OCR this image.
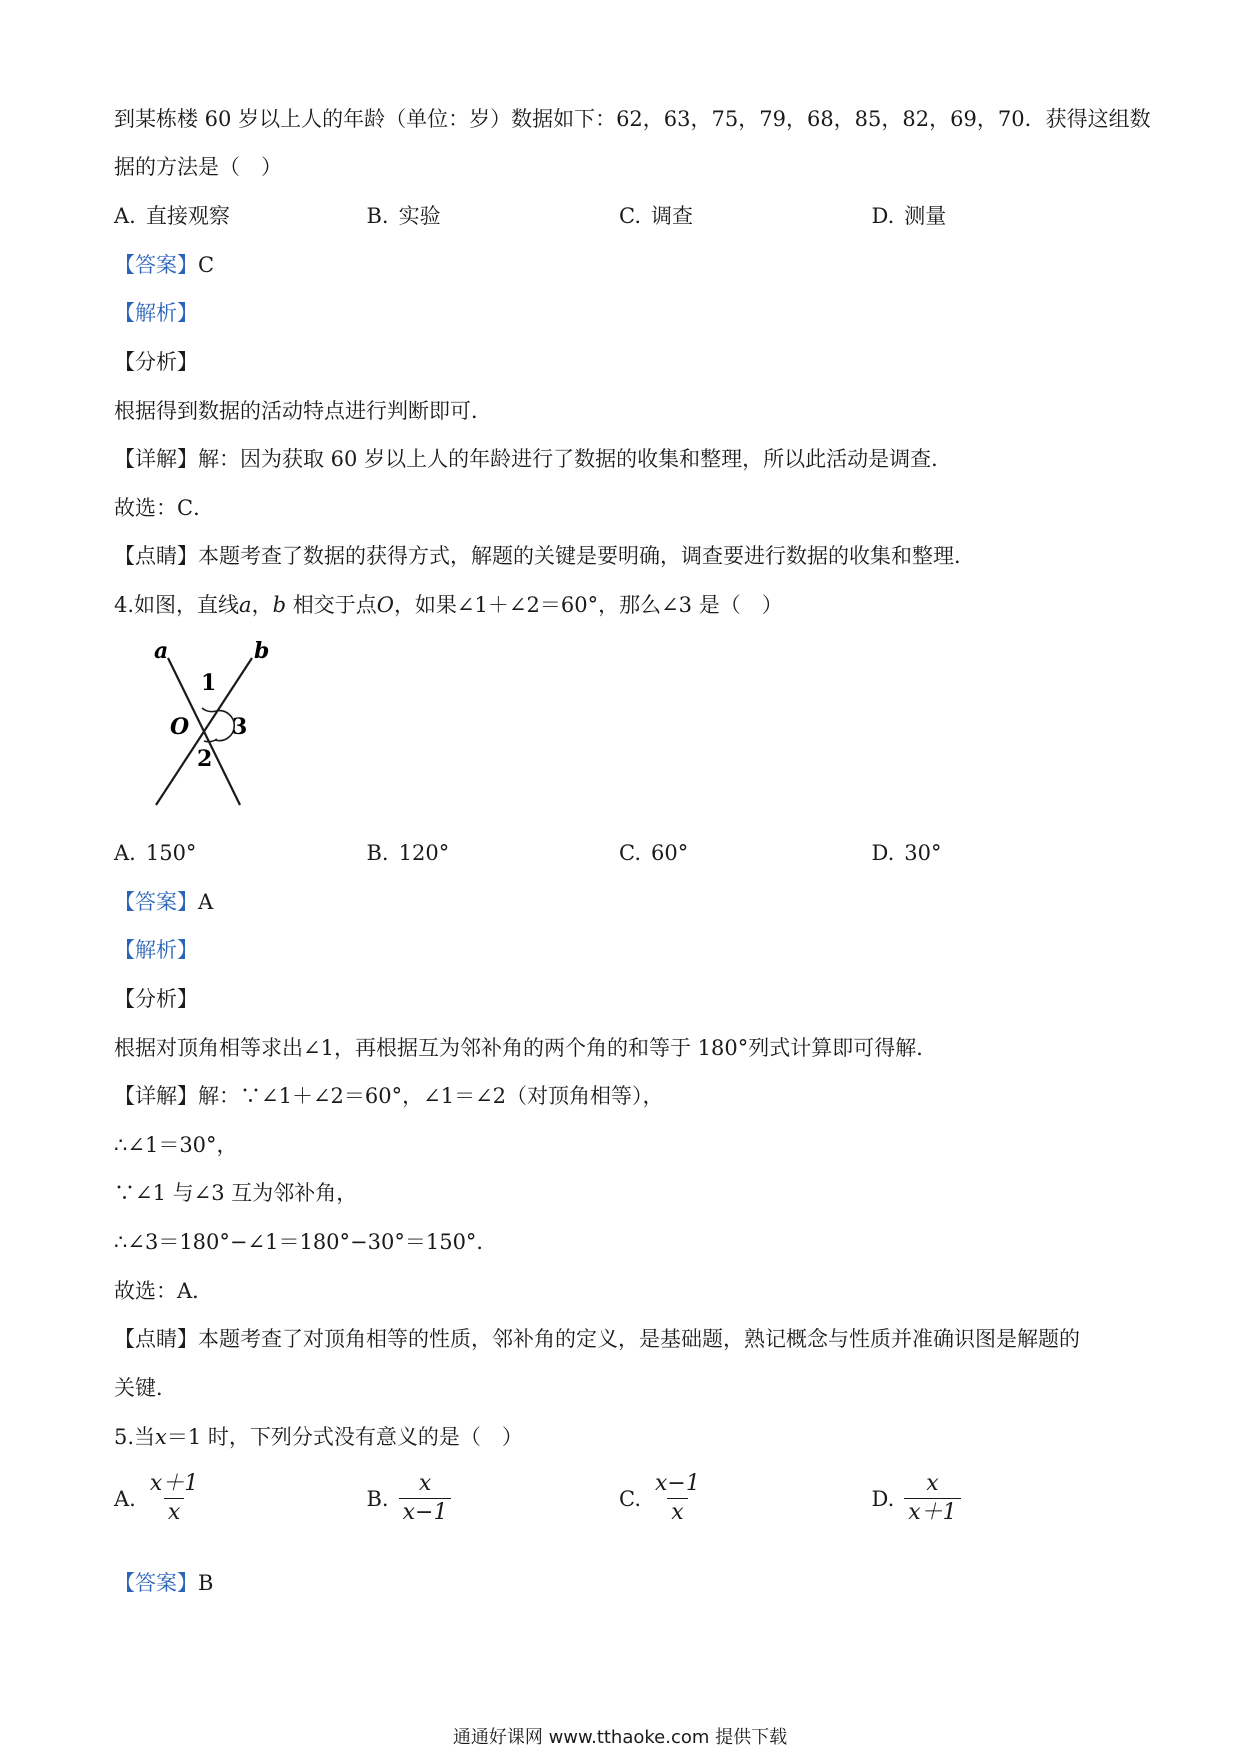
到某栋楼 60 岁以上人的年龄（单位：岁）数据如下：62，63，75，79，68，85，82，69，70．获得这组数
据的方法是（　）
A. 直接观察	B. 实验	C. 调查	D. 测量
【答案】C
【解析】
【分析】
根据得到数据的活动特点进行判断即可．
【详解】解：因为获取 60 岁以上人的年龄进行了数据的收集和整理，所以此活动是调查．
故选：C．
【点睛】本题考查了数据的获得方式，解题的关键是要明确，调查要进行数据的收集和整理．
4.如图，直线a，b 相交于点O，如果∠1＋∠2＝60°，那么∠3 是（　）
a	b
O
1
2
3
A. 150°	B. 120°	C. 60°	D. 30°
【答案】A
【解析】
【分析】
根据对顶角相等求出∠1，再根据互为邻补角的两个角的和等于 180°列式计算即可得解．
【详解】解：∵∠1＋∠2＝60°，∠1＝∠2（对顶角相等），
∴∠1＝30°，
∵∠1 与∠3 互为邻补角，
∴∠3＝180°−∠1＝180°−30°＝150°．
故选：A．
【点睛】本题考查了对顶角相等的性质，邻补角的定义，是基础题，熟记概念与性质并准确识图是解题的
关键．
5.当x＝1 时，下列分式没有意义的是（　）
A. $\frac{x+1}{x}$	B. $\frac{x}{x-1}$	C. $\frac{x-1}{x}$	D. $\frac{x}{x+1}$
【答案】B
通通好课网 www.tthaoke.com 提供下载
